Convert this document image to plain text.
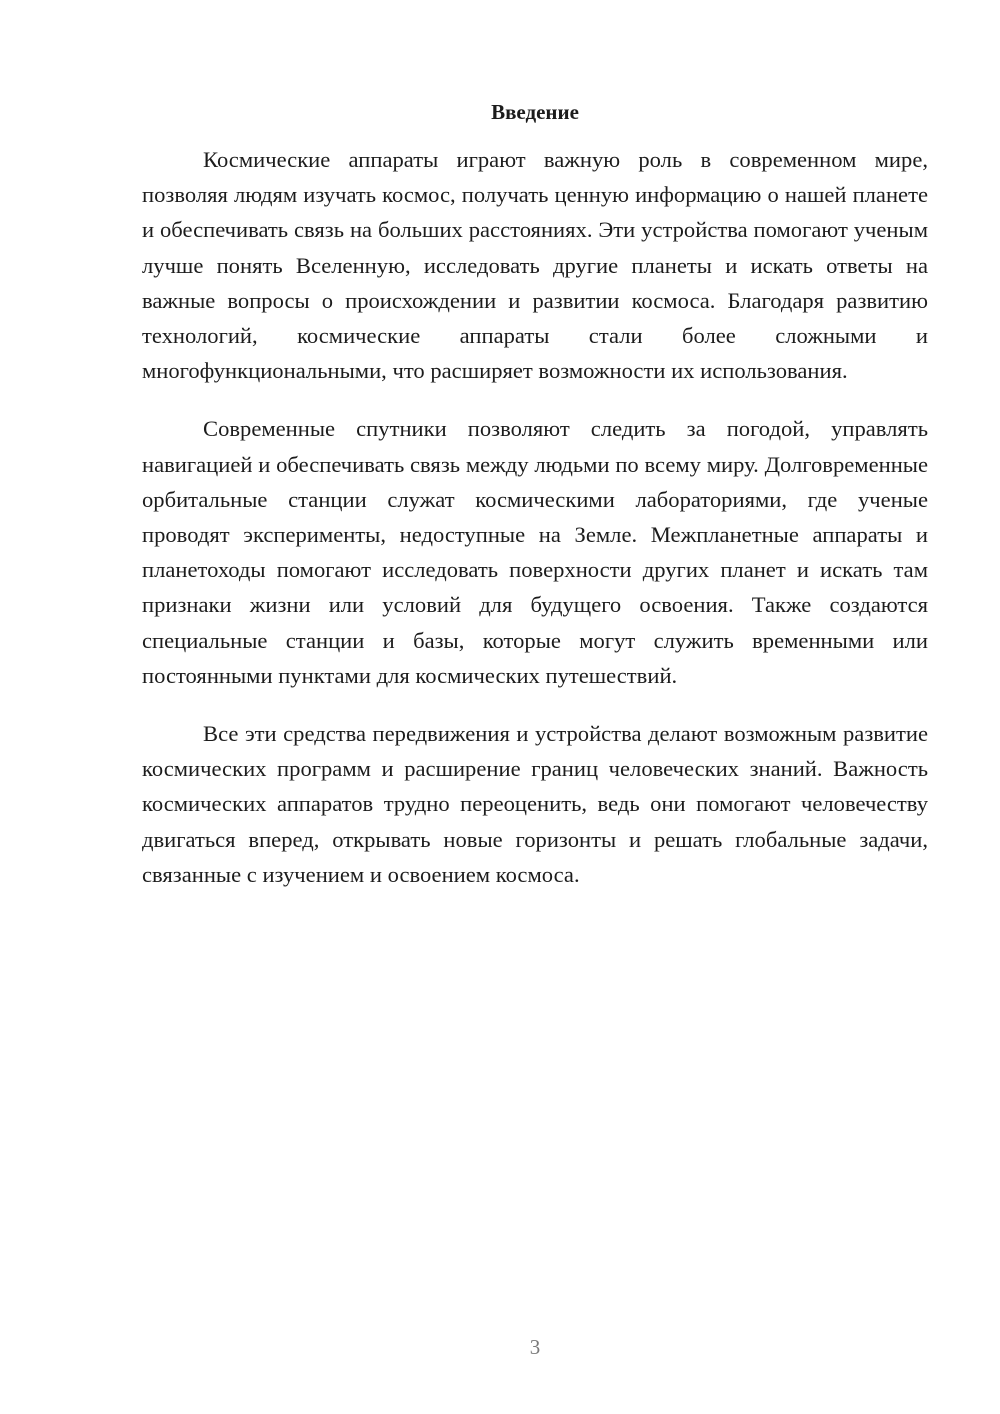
Введение

Космические аппараты играют важную роль в современном мире, позволяя людям изучать космос, получать ценную информацию о нашей планете и обеспечивать связь на больших расстояниях. Эти устройства помогают ученым лучше понять Вселенную, исследовать другие планеты и искать ответы на важные вопросы о происхождении и развитии космоса. Благодаря развитию технологий, космические аппараты стали более сложными и многофункциональными, что расширяет возможности их использования.

Современные спутники позволяют следить за погодой, управлять навигацией и обеспечивать связь между людьми по всему миру. Долговременные орбитальные станции служат космическими лабораториями, где ученые проводят эксперименты, недоступные на Земле. Межпланетные аппараты и планетоходы помогают исследовать поверхности других планет и искать там признаки жизни или условий для будущего освоения. Также создаются специальные станции и базы, которые могут служить временными или постоянными пунктами для космических путешествий.

Все эти средства передвижения и устройства делают возможным развитие космических программ и расширение границ человеческих знаний. Важность космических аппаратов трудно переоценить, ведь они помогают человечеству двигаться вперед, открывать новые горизонты и решать глобальные задачи, связанные с изучением и освоением космоса.

3
